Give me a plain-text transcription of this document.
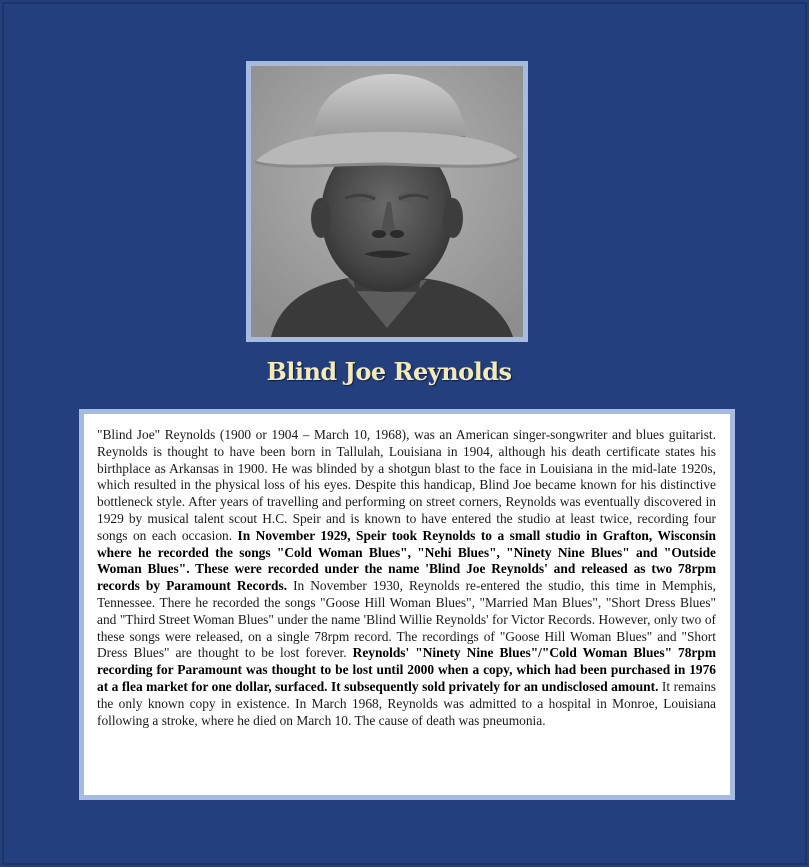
Blind Joe Reynolds
"Blind Joe" Reynolds (1900 or 1904 – March 10, 1968), was an American singer-songwriter and blues guitarist. Reynolds is thought to have been born in Tallulah, Louisiana in 1904, although his death certificate states his birthplace as Arkansas in 1900. He was blinded by a shotgun blast to the face in Louisiana in the mid-late 1920s, which resulted in the physical loss of his eyes. Despite this handicap, Blind Joe became known for his distinctive bottleneck style. After years of travelling and performing on street corners, Reynolds was eventually discovered in 1929 by musical talent scout H.C. Speir and is known to have entered the studio at least twice, recording four songs on each occasion. In November 1929, Speir took Reynolds to a small studio in Grafton, Wisconsin where he recorded the songs "Cold Woman Blues", "Nehi Blues", "Ninety Nine Blues" and "Outside Woman Blues". These were recorded under the name 'Blind Joe Reynolds' and released as two 78rpm records by Paramount Records. In November 1930, Reynolds re-entered the studio, this time in Memphis, Tennessee. There he recorded the songs "Goose Hill Woman Blues", "Married Man Blues", "Short Dress Blues" and "Third Street Woman Blues" under the name 'Blind Willie Reynolds' for Victor Records. However, only two of these songs were released, on a single 78rpm record. The recordings of "Goose Hill Woman Blues" and "Short Dress Blues" are thought to be lost forever. Reynolds' "Ninety Nine Blues"/"Cold Woman Blues" 78rpm recording for Paramount was thought to be lost until 2000 when a copy, which had been purchased in 1976 at a flea market for one dollar, surfaced. It subsequently sold privately for an undisclosed amount. It remains the only known copy in existence. In March 1968, Reynolds was admitted to a hospital in Monroe, Louisiana following a stroke, where he died on March 10. The cause of death was pneumonia.
